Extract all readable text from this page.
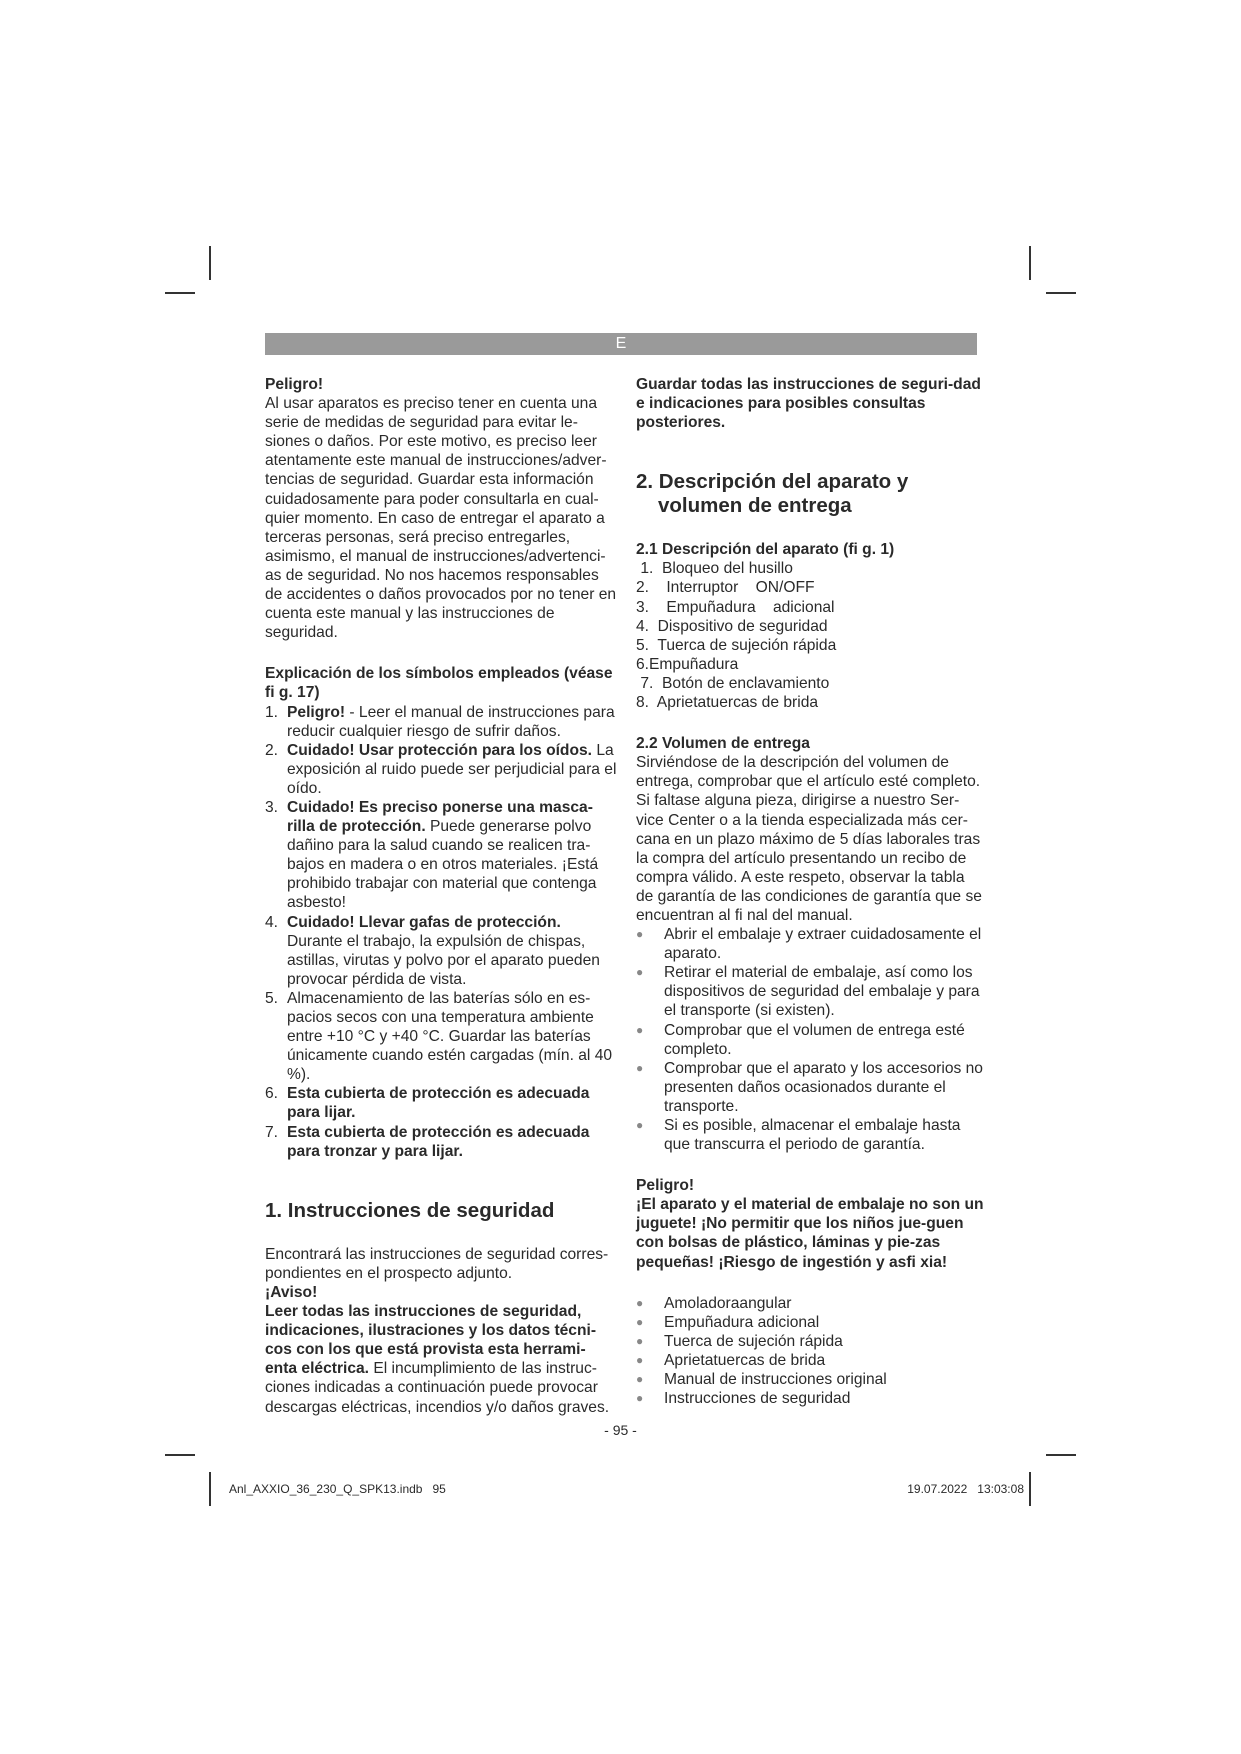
E

Peligro!

Al usar aparatos es preciso tener en cuenta una serie de medidas de seguridad para evitar le-siones o daños. Por este motivo, es preciso leer atentamente este manual de instrucciones/adver-tencias de seguridad. Guardar esta información cuidadosamente para poder consultarla en cual-quier momento. En caso de entregar el aparato a terceras personas, será preciso entregarles, asimismo, el manual de instrucciones/advertenci-as de seguridad. No nos hacemos responsables de accidentes o daños provocados por no tener en cuenta este manual y las instrucciones de seguridad.

Explicación de los símbolos empleados (véase fi g. 17)
1. Peligro! - Leer el manual de instrucciones para reducir cualquier riesgo de sufrir daños.
2. Cuidado! Usar protección para los oídos. La exposición al ruido puede ser perjudicial para el oído.
3. Cuidado! Es preciso ponerse una masca-rilla de protección. Puede generarse polvo dañino para la salud cuando se realicen tra-bajos en madera o en otros materiales. ¡Está prohibido trabajar con material que contenga asbesto!
4. Cuidado! Llevar gafas de protección. Durante el trabajo, la expulsión de chispas, astillas, virutas y polvo por el aparato pueden provocar pérdida de vista.
5. Almacenamiento de las baterías sólo en es-pacios secos con una temperatura ambiente entre +10 °C y +40 °C. Guardar las baterías únicamente cuando estén cargadas (mín. al 40 %).
6. Esta cubierta de protección es adecuada para lijar.
7. Esta cubierta de protección es adecuada para tronzar y para lijar.
1. Instrucciones de seguridad

Encontrará las instrucciones de seguridad corres-pondientes en el prospecto adjunto.

¡Aviso!

Leer todas las instrucciones de seguridad, indicaciones, ilustraciones y los datos técni-cos con los que está provista esta herrami-enta eléctrica. El incumplimiento de las instruc-ciones indicadas a continuación puede provocar descargas eléctricas, incendios y/o daños graves.

Guardar todas las instrucciones de seguri-dad e indicaciones para posibles consultas posteriores.

2. Descripción del aparato y
volumen de entrega
2.1 Descripción del aparato (fi g. 1)
1.  Bloqueo del husillo
2.    Interruptor    ON/OFF
3.    Empuñadura    adicional
4.  Dispositivo de seguridad
5.  Tuerca de sujeción rápida
6.Empuñadura
7.  Botón de enclavamiento
8.  Aprietatuercas de brida
2.2 Volumen de entrega

Sirviéndose de la descripción del volumen de entrega, comprobar que el artículo esté completo. Si faltase alguna pieza, dirigirse a nuestro Ser-vice Center o a la tienda especializada más cer-cana en un plazo máximo de 5 días laborales tras la compra del artículo presentando un recibo de compra válido. A este respeto, observar la tabla de garantía de las condiciones de garantía que se encuentran al fi nal del manual.

●	Abrir el embalaje y extraer cuidadosamente el aparato.
●	Retirar el material de embalaje, así como los dispositivos de seguridad del embalaje y para el transporte (si existen).
●	Comprobar que el volumen de entrega esté completo.
●	Comprobar que el aparato y los accesorios no presenten daños ocasionados durante el transporte.
●	Si es posible, almacenar el embalaje hasta que transcurra el periodo de garantía.

Peligro!

¡El aparato y el material de embalaje no son un juguete! ¡No permitir que los niños jue-guen con bolsas de plástico, láminas y pie-zas pequeñas! ¡Riesgo de ingestión y asfi xia!

●	Amoladoraangular
●	Empuñadura adicional
●	Tuerca de sujeción rápida
●	Aprietatuercas de brida
●	Manual de instrucciones original
●	Instrucciones de seguridad
- 95 -
Anl_AXXIO_36_230_Q_SPK13.indb   95	19.07.2022   13:03:08
